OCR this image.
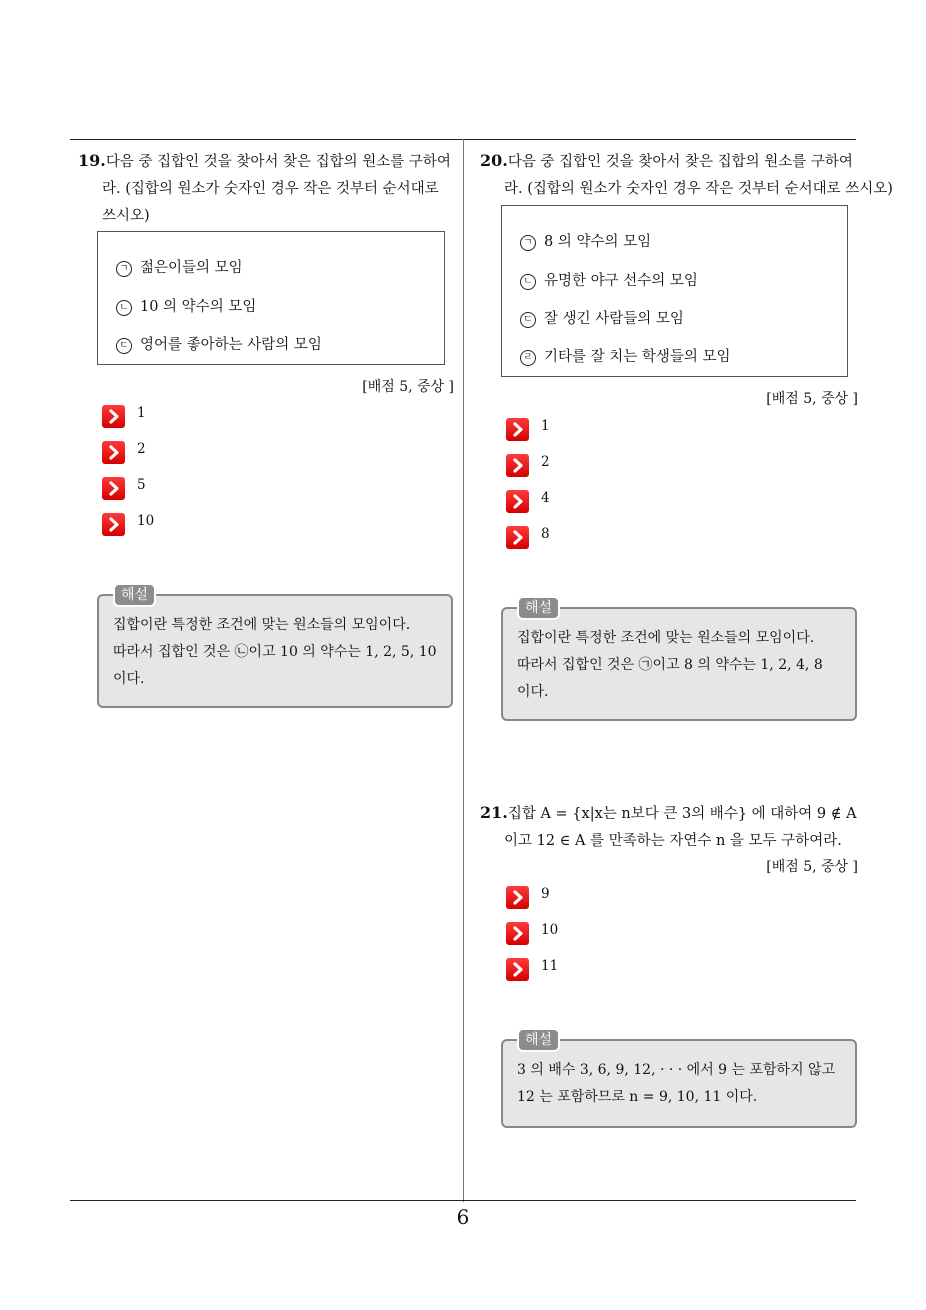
19.다음 중 집합인 것을 찾아서 찾은 집합의 원소를 구하여
라. (집합의 원소가 숫자인 경우 작은 것부터 순서대로
쓰시오)
ㄱ 젊은이들의 모임
ㄴ 10 의 약수의 모임
ㄷ 영어를 좋아하는 사람의 모임
[배점 5, 중상 ]
1
2
5
10
해설
집합이란 특정한 조건에 맞는 원소들의 모임이다.
따라서 집합인 것은 ㉡이고 10 의 약수는 1, 2, 5, 10
이다.
20.다음 중 집합인 것을 찾아서 찾은 집합의 원소를 구하여
라. (집합의 원소가 숫자인 경우 작은 것부터 순서대로 쓰시오)
ㄱ 8 의 약수의 모임
ㄴ 유명한 야구 선수의 모임
ㄷ 잘 생긴 사람들의 모임
ㄹ 기타를 잘 치는 학생들의 모임
[배점 5, 중상 ]
1
2
4
8
해설
집합이란 특정한 조건에 맞는 원소들의 모임이다.
따라서 집합인 것은 ㉠이고 8 의 약수는 1, 2, 4, 8
이다.
21.집합 A = {x|x는 n보다 큰 3의 배수} 에 대하여 9 ∉ A
이고 12 ∈ A 를 만족하는 자연수 n 을 모두 구하여라.
[배점 5, 중상 ]
9
10
11
해설
3 의 배수 3, 6, 9, 12, · · · 에서 9 는 포함하지 않고
12 는 포함하므로 n = 9, 10, 11 이다.
6
